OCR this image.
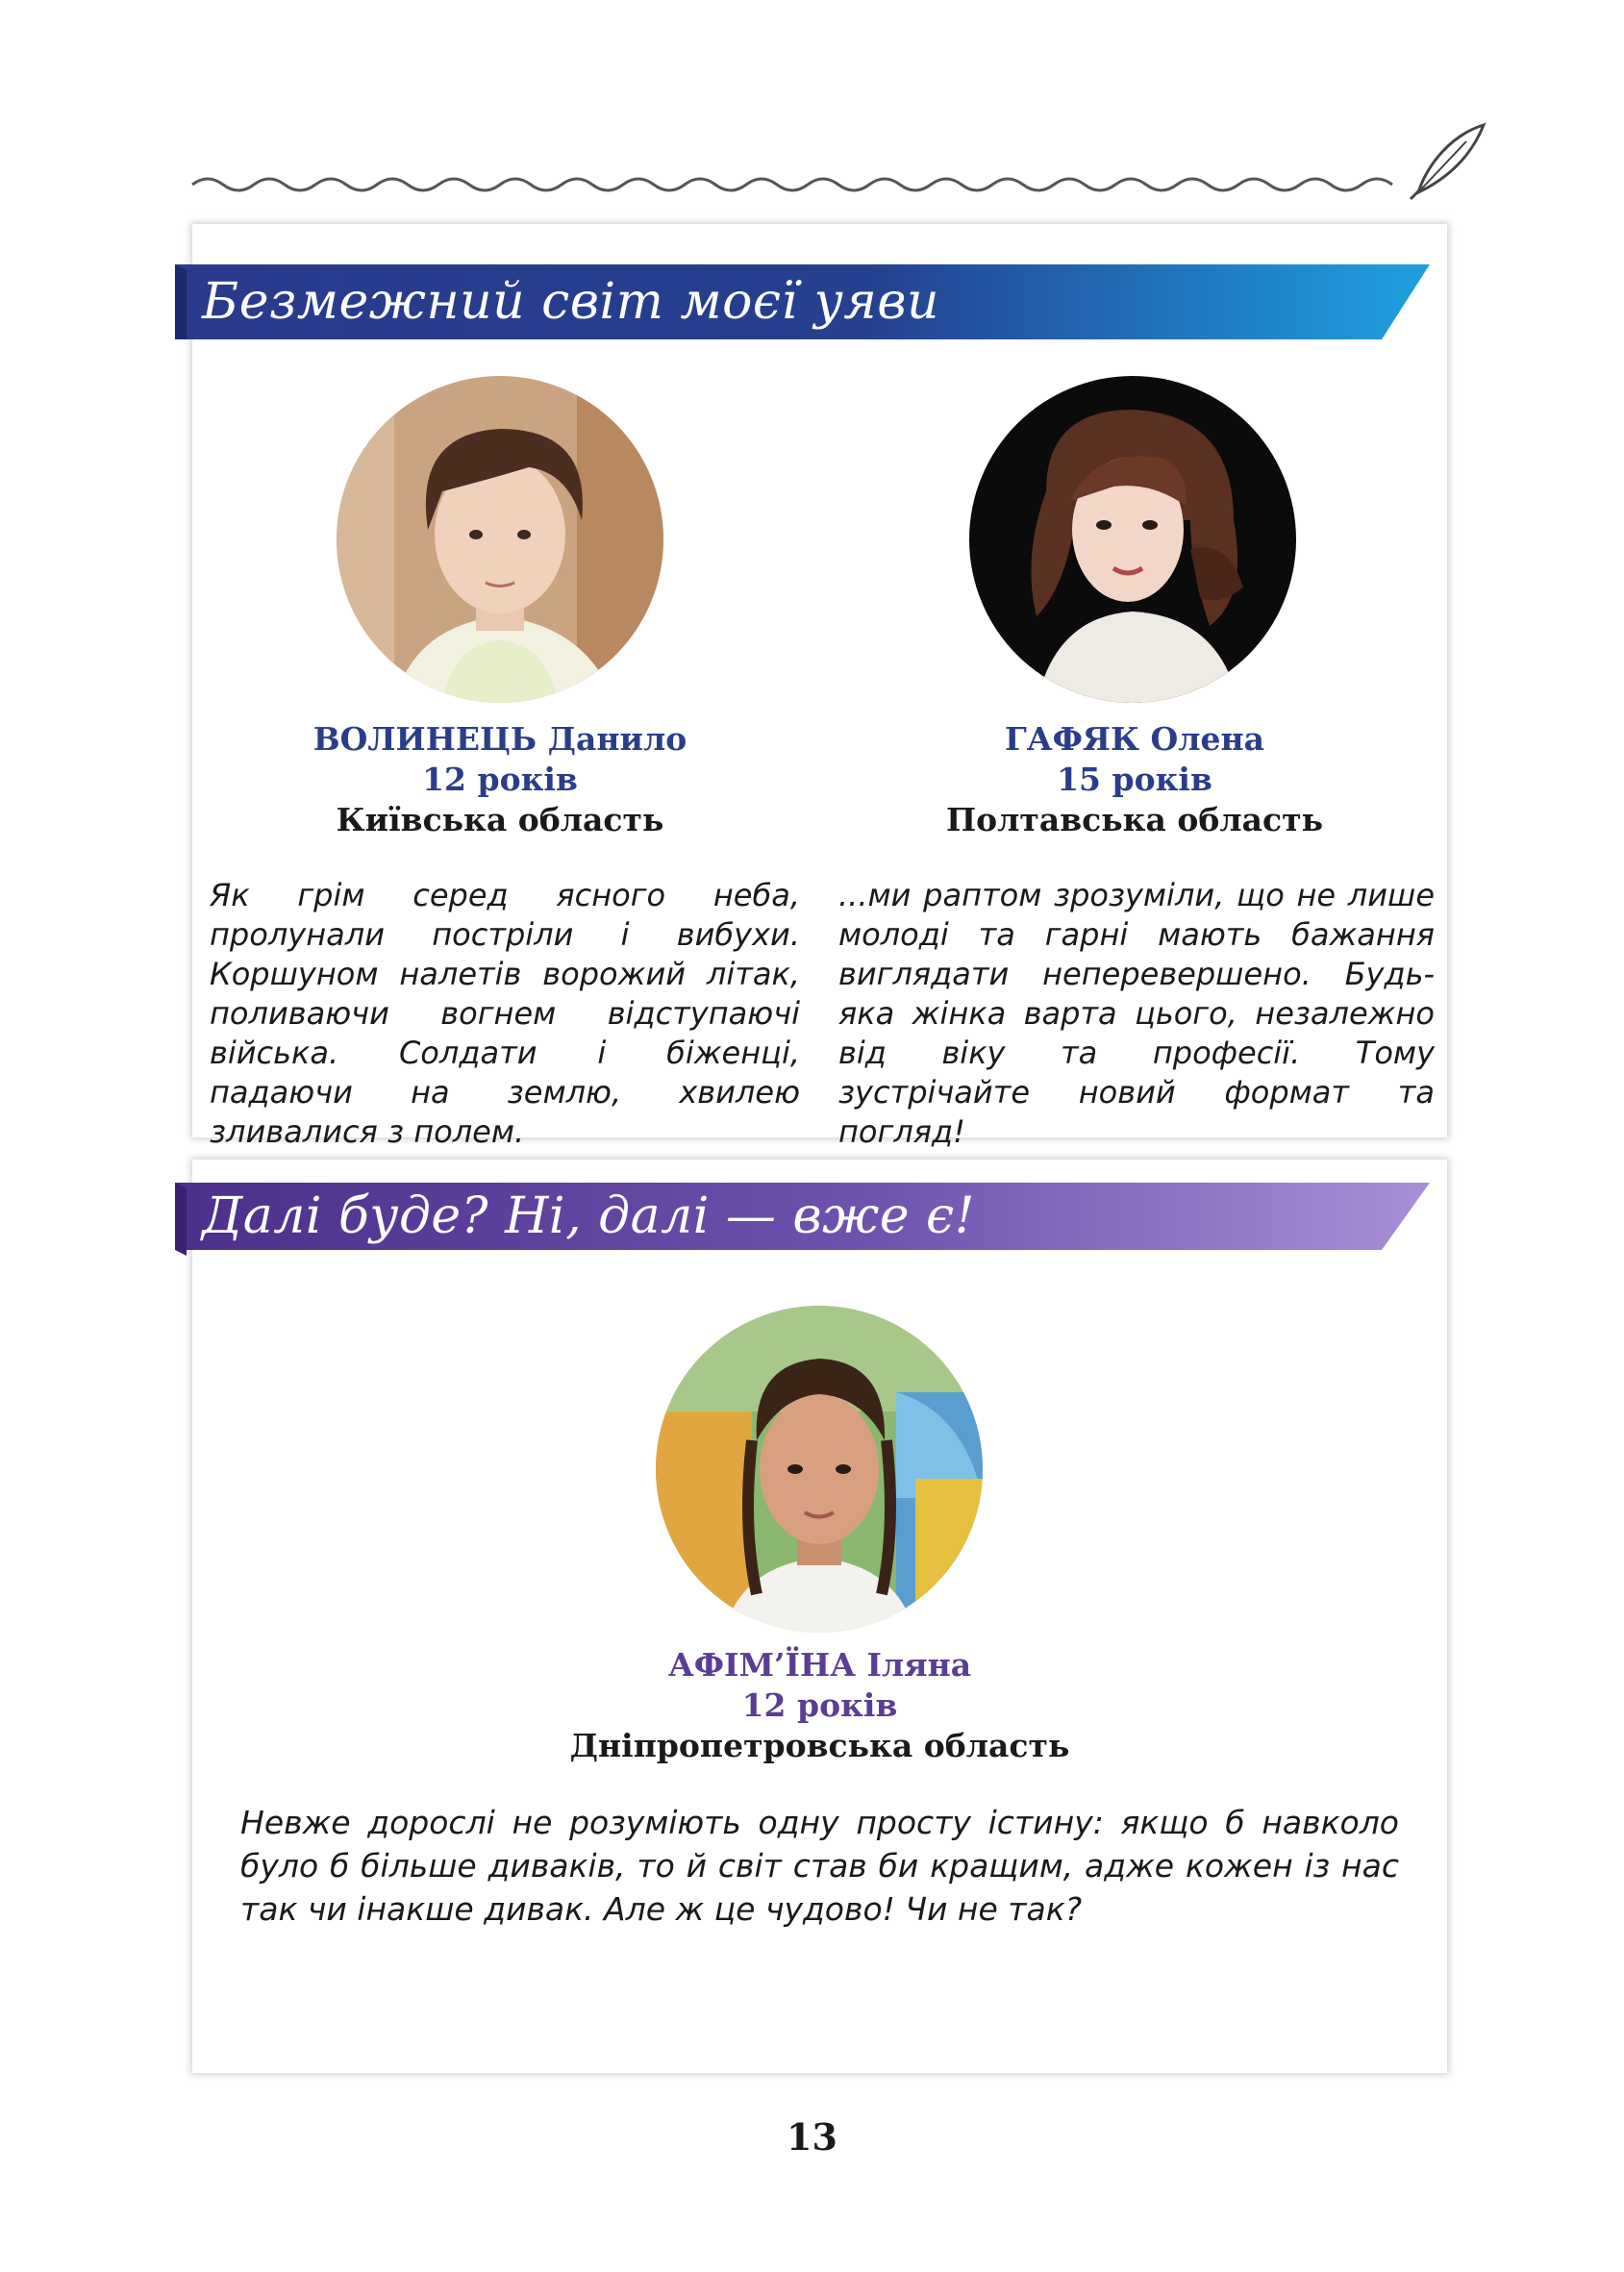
Безмежний світ моєї уяви
ВОЛИНЕЦЬ Данило
12 років
Київська область
Як грім серед ясного неба, пролунали постріли і вибухи. Коршуном налетів ворожий літак, поливаючи вогнем відступаючі війська. Солдати і біженці, падаючи на землю, хвилею зливалися з полем.
ГАФЯК Олена
15 років
Полтавська область
...ми раптом зрозуміли, що не лише молоді та гарні мають бажання виглядати неперевершено. Будь-яка жінка варта цього, незалежно від віку та професії. Тому зустрічайте новий формат та погляд!
Далі буде? Ні, далі — вже є!
АФІМ’ЇНА Іляна
12 років
Дніпропетровська область
Невже дорослі не розуміють одну просту істину: якщо б навколо було б більше диваків, то й світ став би кращим, адже кожен із нас так чи інакше дивак. Але ж це чудово! Чи не так?
13
